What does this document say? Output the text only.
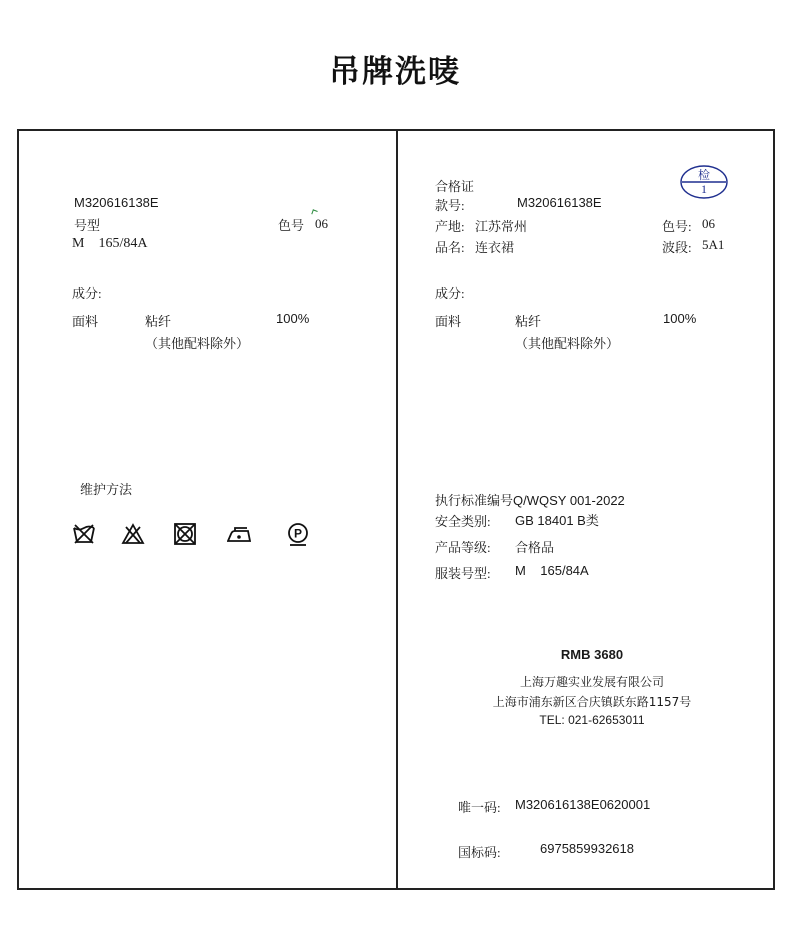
吊牌洗唛
M320616138E
号型
M    165/84A
色号 06
成分:
面料	粘纤	100%
（其他配料除外）
维护方法
P
合格证
款号:	M320616138E
检
1
产地: 江苏常州	色号: 06
品名: 连衣裙	波段: 5A1
成分:
面料	粘纤	100%
（其他配料除外）
执行标准编号Q/WQSY 001-2022
安全类别: GB 18401 B类
产品等级: 合格品
服装号型: M    165/84A
RMB 3680
上海万趣实业发展有限公司
上海市浦东新区合庆镇跃东路1157号
TEL: 021-62653011
唯一码: M320616138E0620001
国标码:	6975859932618
